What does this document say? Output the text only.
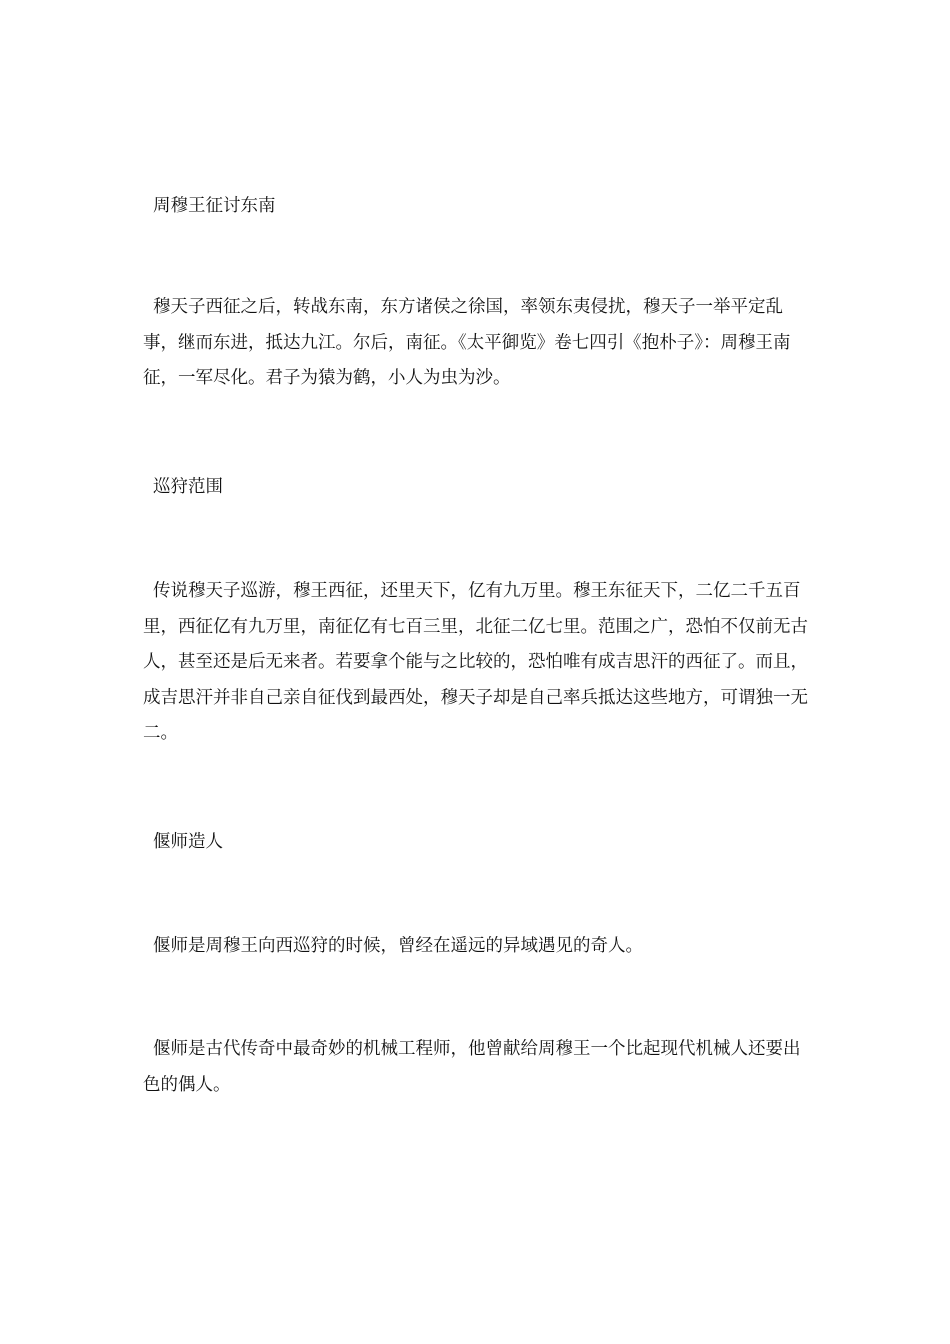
周穆王征讨东南

穆天子西征之后，转战东南，东方诸侯之徐国，率领东夷侵扰，穆天子一举平定乱事，继而东进，抵达九江。尔后，南征。《太平御览》卷七四引《抱朴子》：周穆王南征，一军尽化。君子为猿为鹤，小人为虫为沙。

巡狩范围

传说穆天子巡游，穆王西征，还里天下，亿有九万里。穆王东征天下，二亿二千五百里，西征亿有九万里，南征亿有七百三里，北征二亿七里。范围之广，恐怕不仅前无古人，甚至还是后无来者。若要拿个能与之比较的，恐怕唯有成吉思汗的西征了。而且，成吉思汗并非自己亲自征伐到最西处，穆天子却是自己率兵抵达这些地方，可谓独一无二。

偃师造人

偃师是周穆王向西巡狩的时候，曾经在遥远的异域遇见的奇人。

偃师是古代传奇中最奇妙的机械工程师，他曾献给周穆王一个比起现代机械人还要出色的偶人。
